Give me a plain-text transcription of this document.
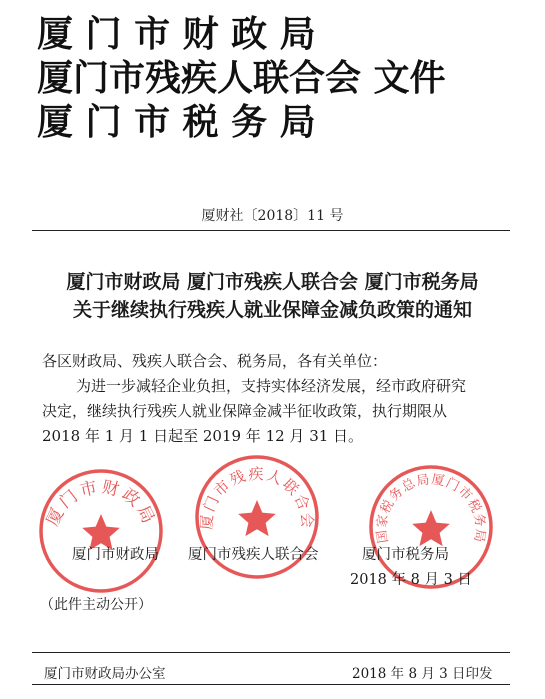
厦 门 市 财 政 局
厦门市残疾人联合会 文件
厦 门 市 税 务 局
厦财社〔2018〕11 号
厦门市财政局 厦门市残疾人联合会 厦门市税务局
关于继续执行残疾人就业保障金减负政策的通知
各区财政局、残疾人联合会、税务局，各有关单位：
为进一步减轻企业负担，支持实体经济发展，经市政府研究
决定，继续执行残疾人就业保障金减半征收政策，执行期限从
2018 年 1 月 1 日起至 2019 年 12 月 31 日。
厦门市财政局	厦门市残疾人联合会
国家税务总局厦门市税务局
厦门市财政局 厦门市残疾人联合会	厦门市税务局
2018 年 8 月 3 日
（此件主动公开）
厦门市财政局办公室	2018 年 8 月 3 日印发
